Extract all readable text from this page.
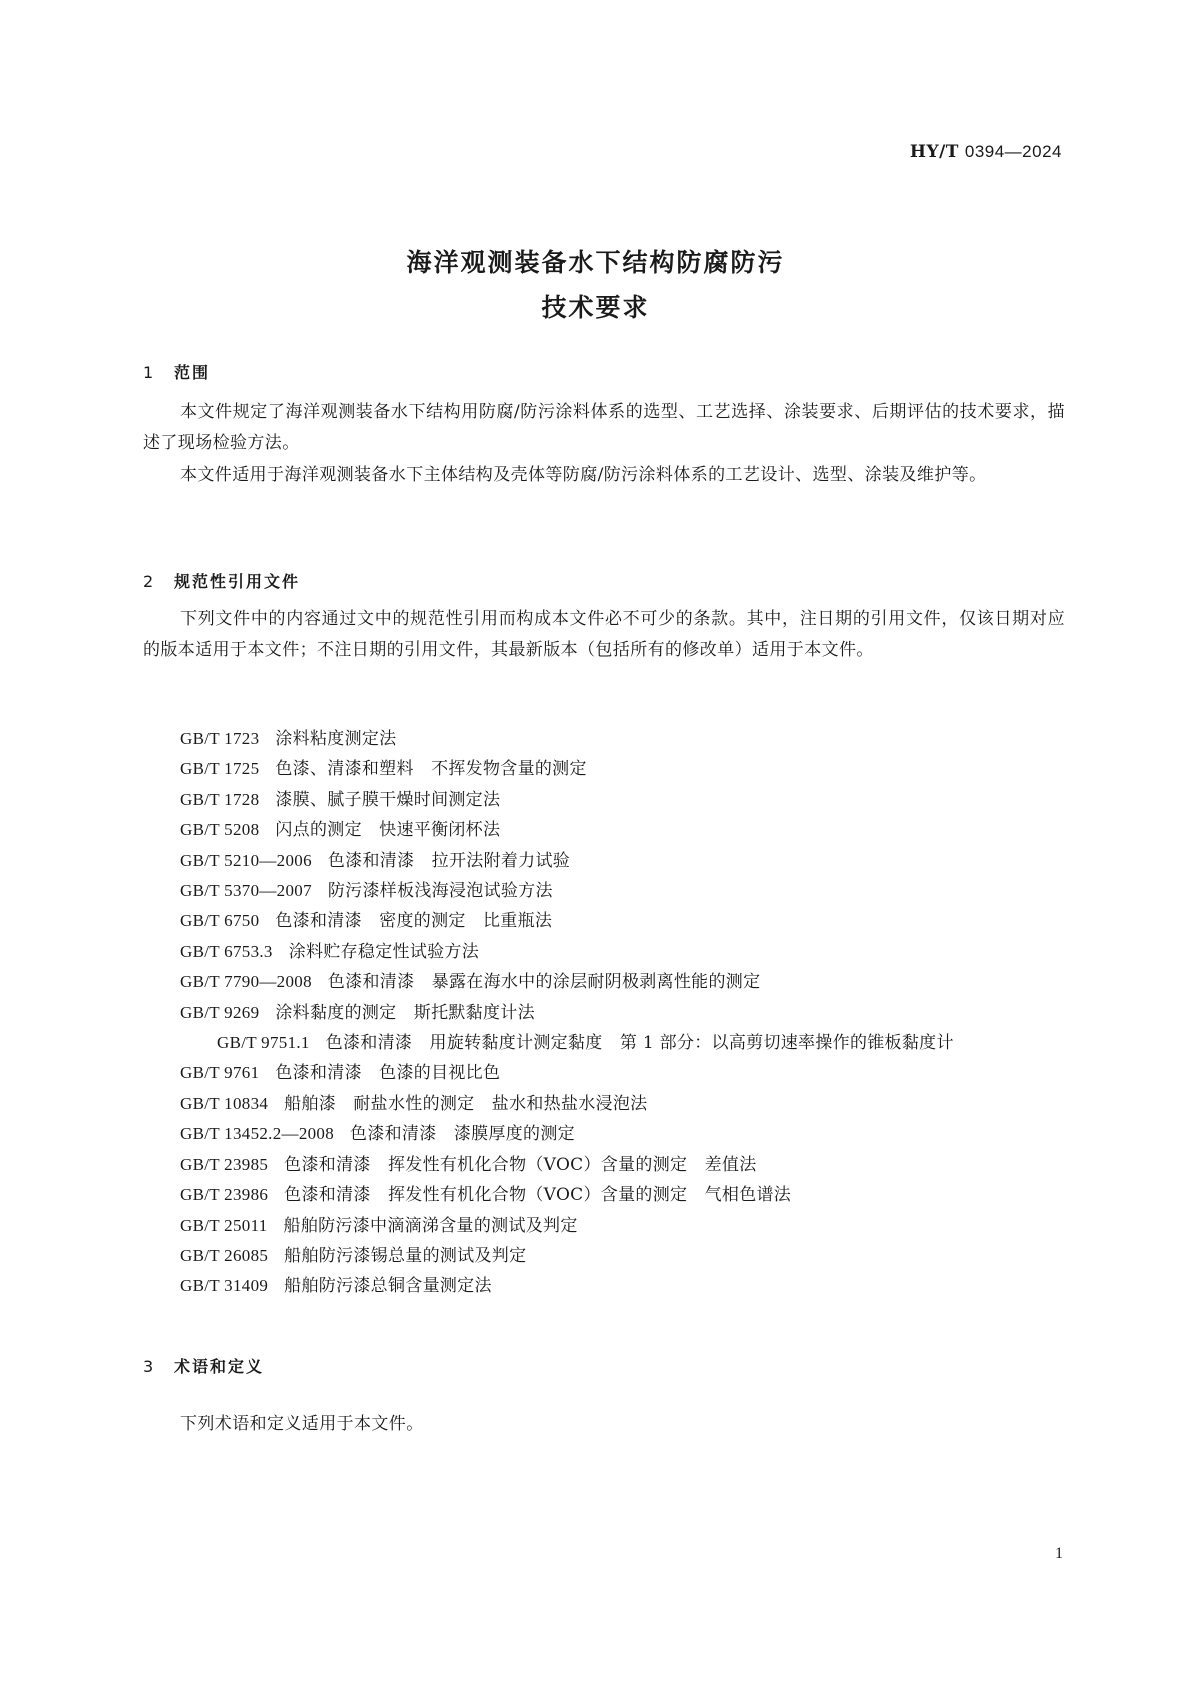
HY/T 0394—2024
海洋观测装备水下结构防腐防污
技术要求
1 范围

本文件规定了海洋观测装备水下结构用防腐/防污涂料体系的选型、工艺选择、涂装要求、后期评估的技术要求，描述了现场检验方法。

本文件适用于海洋观测装备水下主体结构及壳体等防腐/防污涂料体系的工艺设计、选型、涂装及维护等。

2 规范性引用文件

下列文件中的内容通过文中的规范性引用而构成本文件必不可少的条款。其中，注日期的引用文件，仅该日期对应的版本适用于本文件；不注日期的引用文件，其最新版本（包括所有的修改单）适用于本文件。

GB/T 1723 涂料粘度测定法
GB/T 1725 色漆、清漆和塑料　不挥发物含量的测定
GB/T 1728 漆膜、腻子膜干燥时间测定法
GB/T 5208 闪点的测定　快速平衡闭杯法
GB/T 5210—2006 色漆和清漆　拉开法附着力试验
GB/T 5370—2007 防污漆样板浅海浸泡试验方法
GB/T 6750 色漆和清漆　密度的测定　比重瓶法
GB/T 6753.3 涂料贮存稳定性试验方法
GB/T 7790—2008 色漆和清漆　暴露在海水中的涂层耐阴极剥离性能的测定
GB/T 9269 涂料黏度的测定　斯托默黏度计法
GB/T 9751.1 色漆和清漆　用旋转黏度计测定黏度　第 1 部分：以高剪切速率操作的锥板黏度计
GB/T 9761 色漆和清漆　色漆的目视比色
GB/T 10834 船舶漆　耐盐水性的测定　盐水和热盐水浸泡法
GB/T 13452.2—2008 色漆和清漆　漆膜厚度的测定
GB/T 23985 色漆和清漆　挥发性有机化合物（VOC）含量的测定　差值法
GB/T 23986 色漆和清漆　挥发性有机化合物（VOC）含量的测定　气相色谱法
GB/T 25011 船舶防污漆中滴滴涕含量的测试及判定
GB/T 26085 船舶防污漆锡总量的测试及判定
GB/T 31409 船舶防污漆总铜含量测定法
3 术语和定义

下列术语和定义适用于本文件。

1
